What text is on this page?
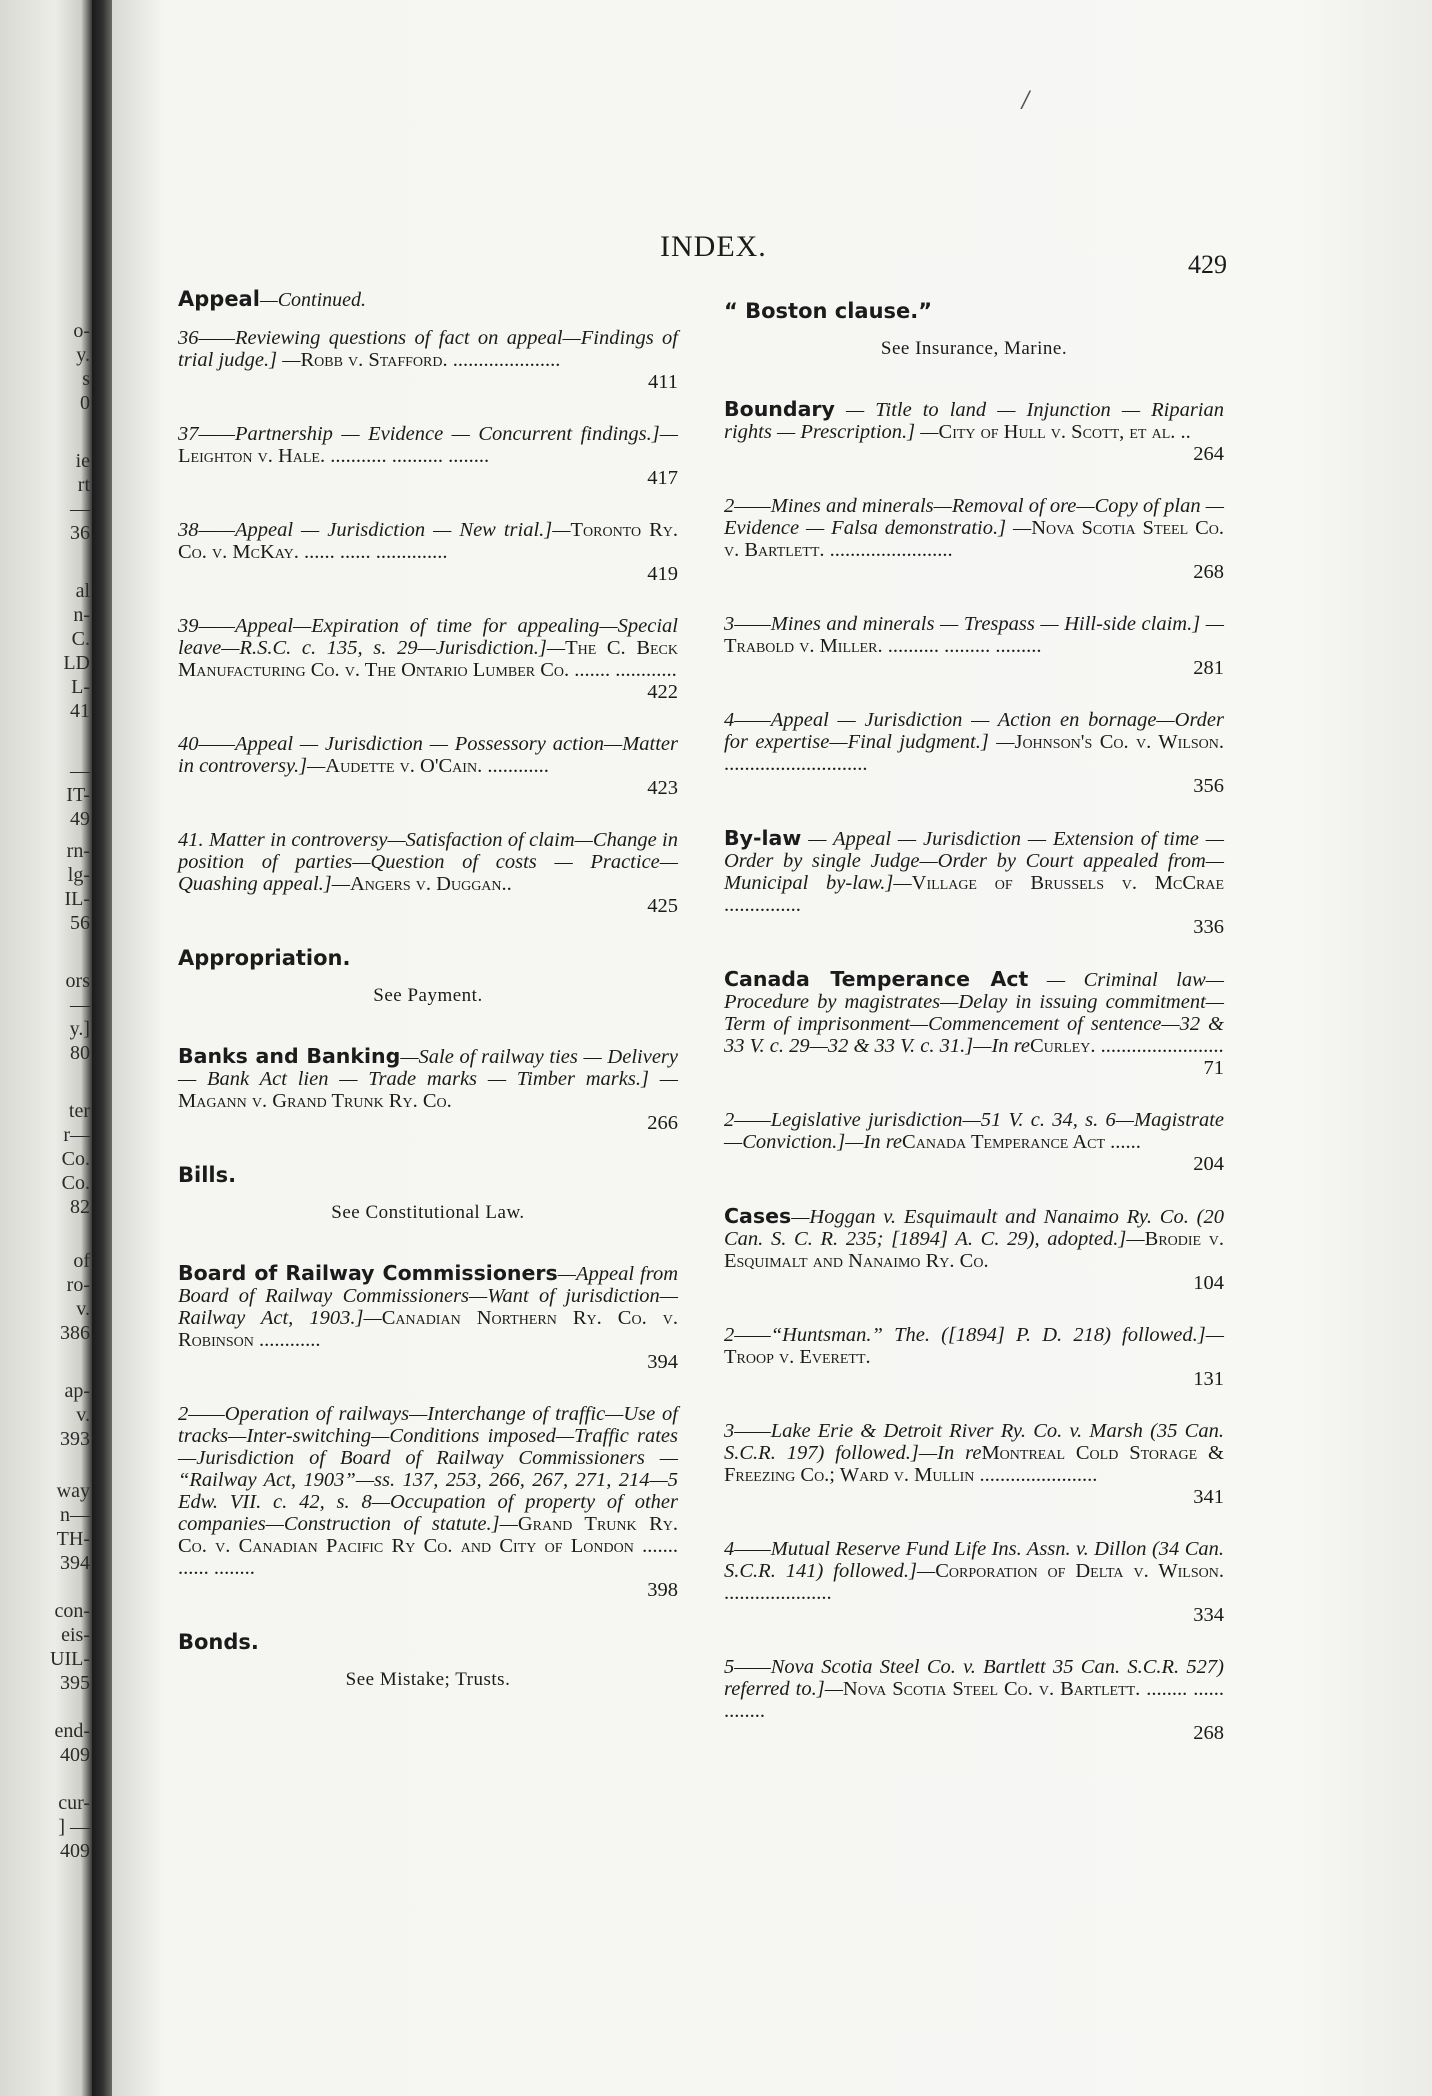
o-
y.
s
0
ie
rt
—
36
al
n-
C.
LD
L-
41
—
IT-
49
rn-
lg-
IL-
56
ors
—
y.]
80
ter
r—
Co.
Co.
82
of
ro-
v.
386
ap-
v.
393
way
n—
TH-
394
con-
eis-
UIL-
395
end-
409
cur-
] —
409
/
INDEX.
429
Appeal—Continued.
36——Reviewing questions of fact on appeal—Findings of trial judge.] —Robb v. Stafford. .....................
411
37——Partnership — Evidence — Concurrent findings.]—Leighton v. Hale. ........... .......... ........
417
38——Appeal — Jurisdiction — New trial.]—Toronto Ry. Co. v. McKay. ...... ...... ..............
419
39——Appeal—Expiration of time for appealing—Special leave—R.S.C. c. 135, s. 29—Jurisdiction.]—The C. Beck Manufacturing Co. v. The Ontario Lumber Co. ....... ............
422
40——Appeal — Jurisdiction — Possessory action—Matter in controversy.]—Audette v. O'Cain. ............
423
41. Matter in controversy—Satisfaction of claim—Change in position of parties—Question of costs — Practice—Quashing appeal.]—Angers v. Duggan..
425
Appropriation.
See Payment.
Banks and Banking—Sale of railway ties — Delivery — Bank Act lien — Trade marks — Timber marks.] —Magann v. Grand Trunk Ry. Co.
266
Bills.
See Constitutional Law.
Board of Railway Commissioners—Appeal from Board of Railway Commissioners—Want of jurisdiction—Railway Act, 1903.]—Canadian Northern Ry. Co. v. Robinson ............
394
2——Operation of railways—Interchange of traffic—Use of tracks—Inter-switching—Conditions imposed—Traffic rates—Jurisdiction of Board of Railway Commissioners — “Railway Act, 1903”—ss. 137, 253, 266, 267, 271, 214—5 Edw. VII. c. 42, s. 8—Occupation of property of other companies—Construction of statute.]—Grand Trunk Ry. Co. v. Canadian Pacific Ry Co. and City of London ....... ...... ........
398
Bonds.
See Mistake; Trusts.
“ Boston clause.”
See Insurance, Marine.
Boundary — Title to land — Injunction — Riparian rights — Prescription.] —City of Hull v. Scott, et al. ..
264
2——Mines and minerals—Removal of ore—Copy of plan — Evidence — Falsa demonstratio.] —Nova Scotia Steel Co. v. Bartlett. ........................
268
3——Mines and minerals — Trespass — Hill-side claim.] —Trabold v. Miller. .......... ......... .........
281
4——Appeal — Jurisdiction — Action en bornage—Order for expertise—Final judgment.] —Johnson's Co. v. Wilson. ............................
356
By-law — Appeal — Jurisdiction — Extension of time — Order by single Judge—Order by Court appealed from—Municipal by-law.]—Village of Brussels v. McCrae ...............
336
Canada Temperance Act — Criminal law—Procedure by magistrates—Delay in issuing commitment—Term of imprisonment—Commencement of sentence—32 & 33 V. c. 29—32 & 33 V. c. 31.]—In reCurley. ........................
71
2——Legislative jurisdiction—51 V. c. 34, s. 6—Magistrate—Conviction.]—In reCanada Temperance Act ......
204
Cases—Hoggan v. Esquimault and Nanaimo Ry. Co. (20 Can. S. C. R. 235; [1894] A. C. 29), adopted.]—Brodie v. Esquimalt and Nanaimo Ry. Co.
104
2——“Huntsman.” The. ([1894] P. D. 218) followed.]—Troop v. Everett.
131
3——Lake Erie & Detroit River Ry. Co. v. Marsh (35 Can. S.C.R. 197) followed.]—In reMontreal Cold Storage & Freezing Co.; Ward v. Mullin .......................
341
4——Mutual Reserve Fund Life Ins. Assn. v. Dillon (34 Can. S.C.R. 141) followed.]—Corporation of Delta v. Wilson. .....................
334
5——Nova Scotia Steel Co. v. Bartlett 35 Can. S.C.R. 527) referred to.]—Nova Scotia Steel Co. v. Bartlett. ........ ...... ........
268
